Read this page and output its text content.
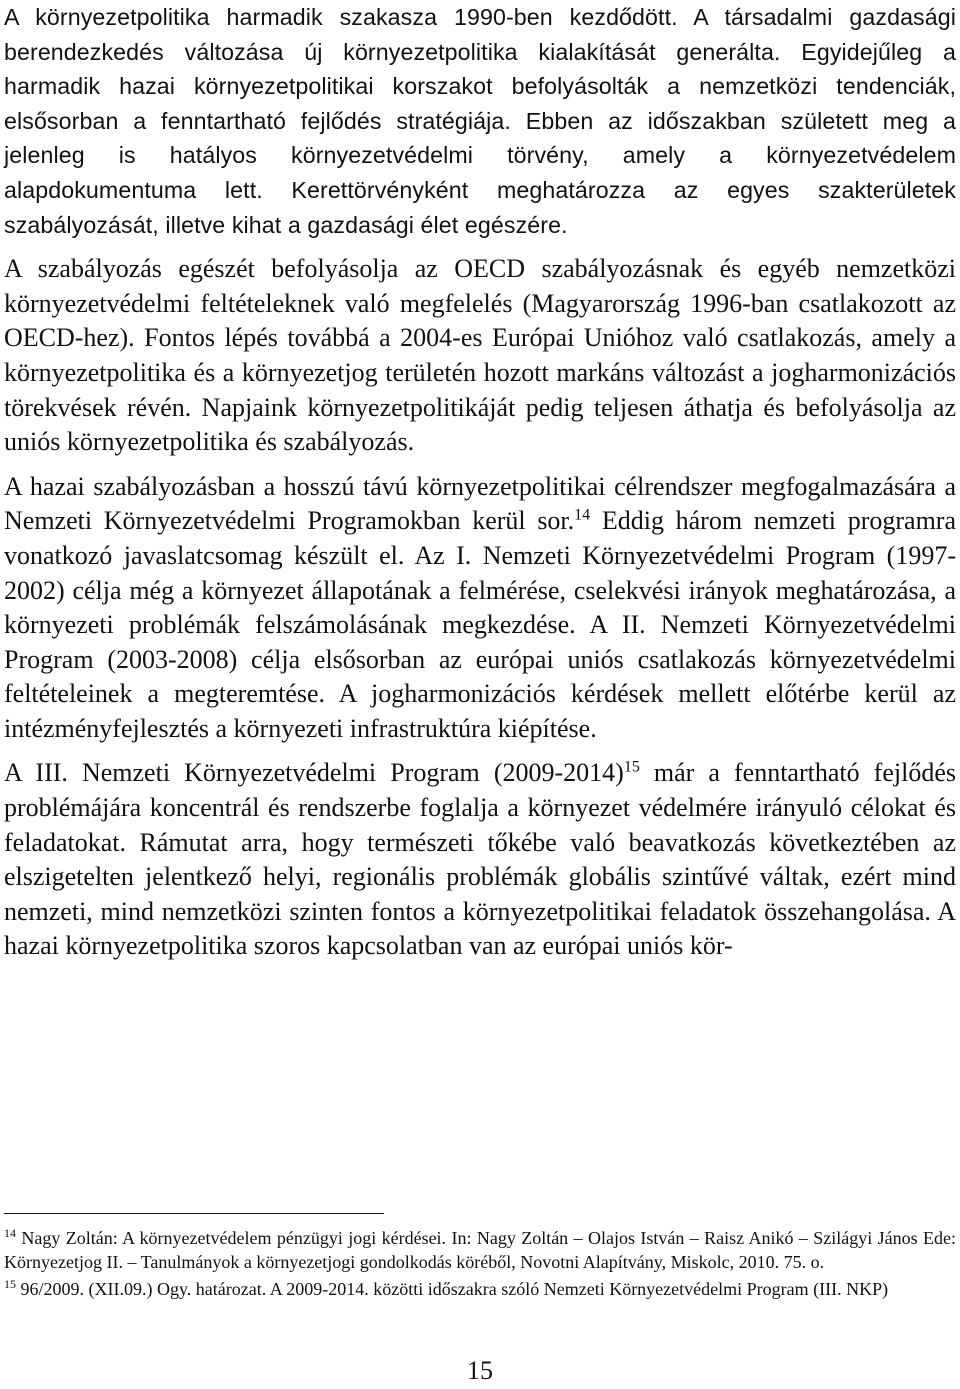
A környezetpolitika harmadik szakasza 1990-ben kezdődött. A társadalmi gazdasági berendezkedés változása új környezetpolitika kialakítását generálta. Egyidejűleg a harmadik hazai környezetpolitikai korszakot befolyásolták a nemzetközi tendenciák, elsősorban a fenntartható fejlődés stratégiája. Ebben az időszakban született meg a jelenleg is hatályos környezetvédelmi törvény, amely a környezetvédelem alapdokumentuma lett. Kerettörvényként meghatározza az egyes szakterületek szabályozását, illetve kihat a gazdasági élet egészére.

A szabályozás egészét befolyásolja az OECD szabályozásnak és egyéb nemzetközi környezetvédelmi feltételeknek való megfelelés (Magyarország 1996-ban csatlakozott az OECD-hez). Fontos lépés továbbá a 2004-es Európai Unióhoz való csatlakozás, amely a környezetpolitika és a környezetjog területén hozott markáns változást a jogharmonizációs törekvések révén. Napjaink környezetpolitikáját pedig teljesen áthatja és befolyásolja az uniós környezetpolitika és szabályozás.

A hazai szabályozásban a hosszú távú környezetpolitikai célrendszer megfogalmazására a Nemzeti Környezetvédelmi Programokban kerül sor.$^{14}$ Eddig három nemzeti programra vonatkozó javaslatcsomag készült el. Az I. Nemzeti Környezetvédelmi Program (1997-2002) célja még a környezet állapotának a felmérése, cselekvési irányok meghatározása, a környezeti problémák felszámolásának megkezdése. A II. Nemzeti Környezetvédelmi Program (2003-2008) célja elsősorban az európai uniós csatlakozás környezetvédelmi feltételeinek a megteremtése. A jogharmonizációs kérdések mellett előtérbe kerül az intézményfejlesztés a környezeti infrastruktúra kiépítése.

A III. Nemzeti Környezetvédelmi Program (2009-2014)$^{15}$ már a fenntartható fejlődés problémájára koncentrál és rendszerbe foglalja a környezet védelmére irányuló célokat és feladatokat. Rámutat arra, hogy természeti tőkébe való beavatkozás következtében az elszigetelten jelentkező helyi, regionális problémák globális szintűvé váltak, ezért mind nemzeti, mind nemzetközi szinten fontos a környezetpolitikai feladatok összehangolása. A hazai környezetpolitika szoros kapcsolatban van az európai uniós kör-

$^{14}$ Nagy Zoltán: A környezetvédelem pénzügyi jogi kérdései. In: Nagy Zoltán – Olajos István – Raisz Anikó – Szilágyi János Ede: Környezetjog II. – Tanulmányok a környezetjogi gondolkodás köréből, Novotni Alapítvány, Miskolc, 2010. 75. o.

$^{15}$ 96/2009. (XII.09.) Ogy. határozat. A 2009-2014. közötti időszakra szóló Nemzeti Környezetvédelmi Program (III. NKP)

15
